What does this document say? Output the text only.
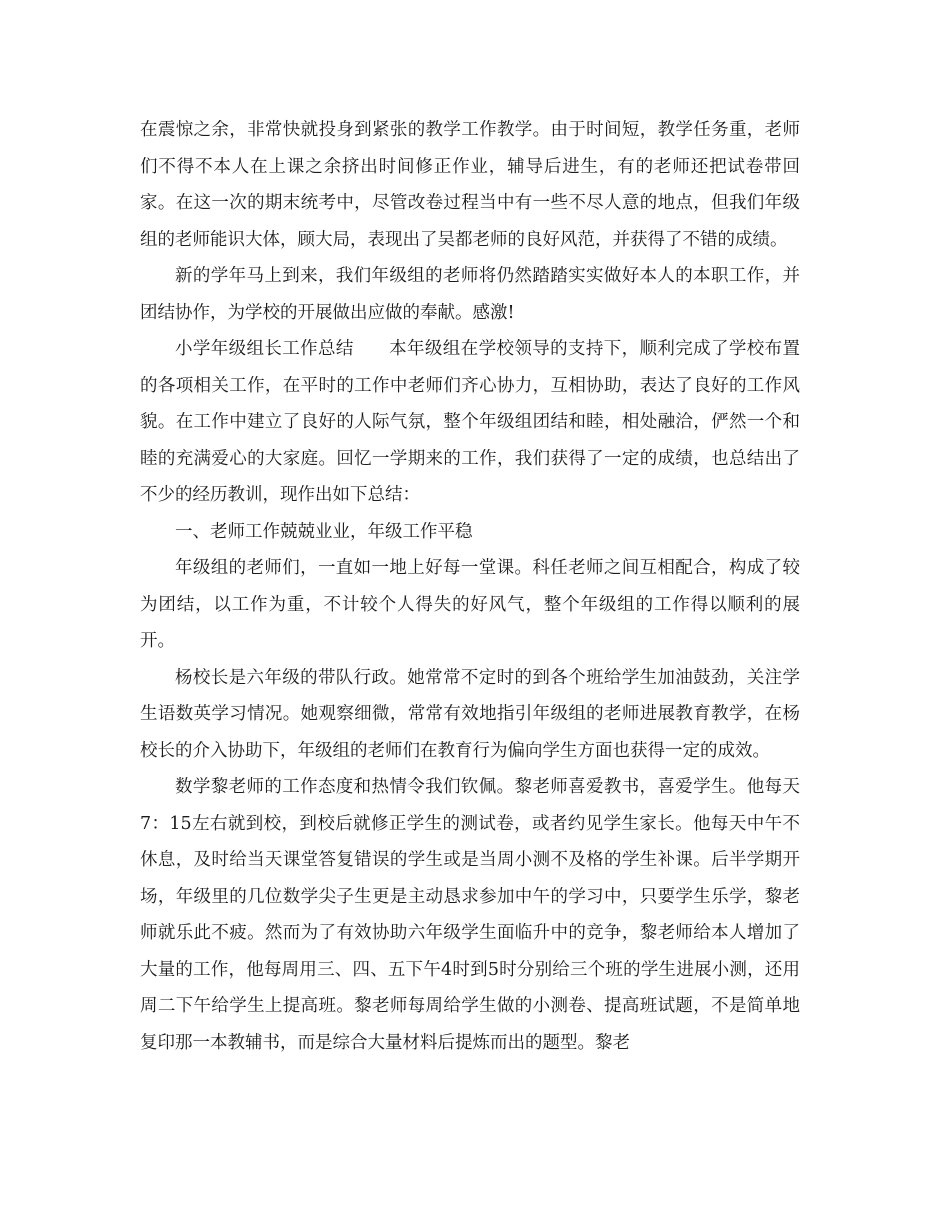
在震惊之余，非常快就投身到紧张的教学工作教学。由于时间短，教学任务重，老师们不得不本人在上课之余挤出时间修正作业，辅导后进生，有的老师还把试卷带回家。在这一次的期末统考中，尽管改卷过程当中有一些不尽人意的地点，但我们年级组的老师能识大体，顾大局，表现出了吴都老师的良好风范，并获得了不错的成绩。

新的学年马上到来，我们年级组的老师将仍然踏踏实实做好本人的本职工作，并团结协作，为学校的开展做出应做的奉献。感激!

小学年级组长工作总结 本年级组在学校领导的支持下，顺利完成了学校布置的各项相关工作，在平时的工作中老师们齐心协力，互相协助，表达了良好的工作风貌。在工作中建立了良好的人际气氛，整个年级组团结和睦，相处融洽，俨然一个和睦的充满爱心的大家庭。回忆一学期来的工作，我们获得了一定的成绩，也总结出了不少的经历教训，现作出如下总结：

一、老师工作兢兢业业，年级工作平稳

年级组的老师们，一直如一地上好每一堂课。科任老师之间互相配合，构成了较为团结，以工作为重，不计较个人得失的好风气，整个年级组的工作得以顺利的展开。

杨校长是六年级的带队行政。她常常不定时的到各个班给学生加油鼓劲，关注学生语数英学习情况。她观察细微，常常有效地指引年级组的老师进展教育教学，在杨校长的介入协助下，年级组的老师们在教育行为偏向学生方面也获得一定的成效。

数学黎老师的工作态度和热情令我们钦佩。黎老师喜爱教书，喜爱学生。他每天7：15左右就到校，到校后就修正学生的测试卷，或者约见学生家长。他每天中午不休息，及时给当天课堂答复错误的学生或是当周小测不及格的学生补课。后半学期开场，年级里的几位数学尖子生更是主动恳求参加中午的学习中，只要学生乐学，黎老师就乐此不疲。然而为了有效协助六年级学生面临升中的竞争，黎老师给本人增加了大量的工作，他每周用三、四、五下午4时到5时分别给三个班的学生进展小测，还用周二下午给学生上提高班。黎老师每周给学生做的小测卷、提高班试题，不是简单地复印那一本教辅书，而是综合大量材料后提炼而出的题型。黎老
